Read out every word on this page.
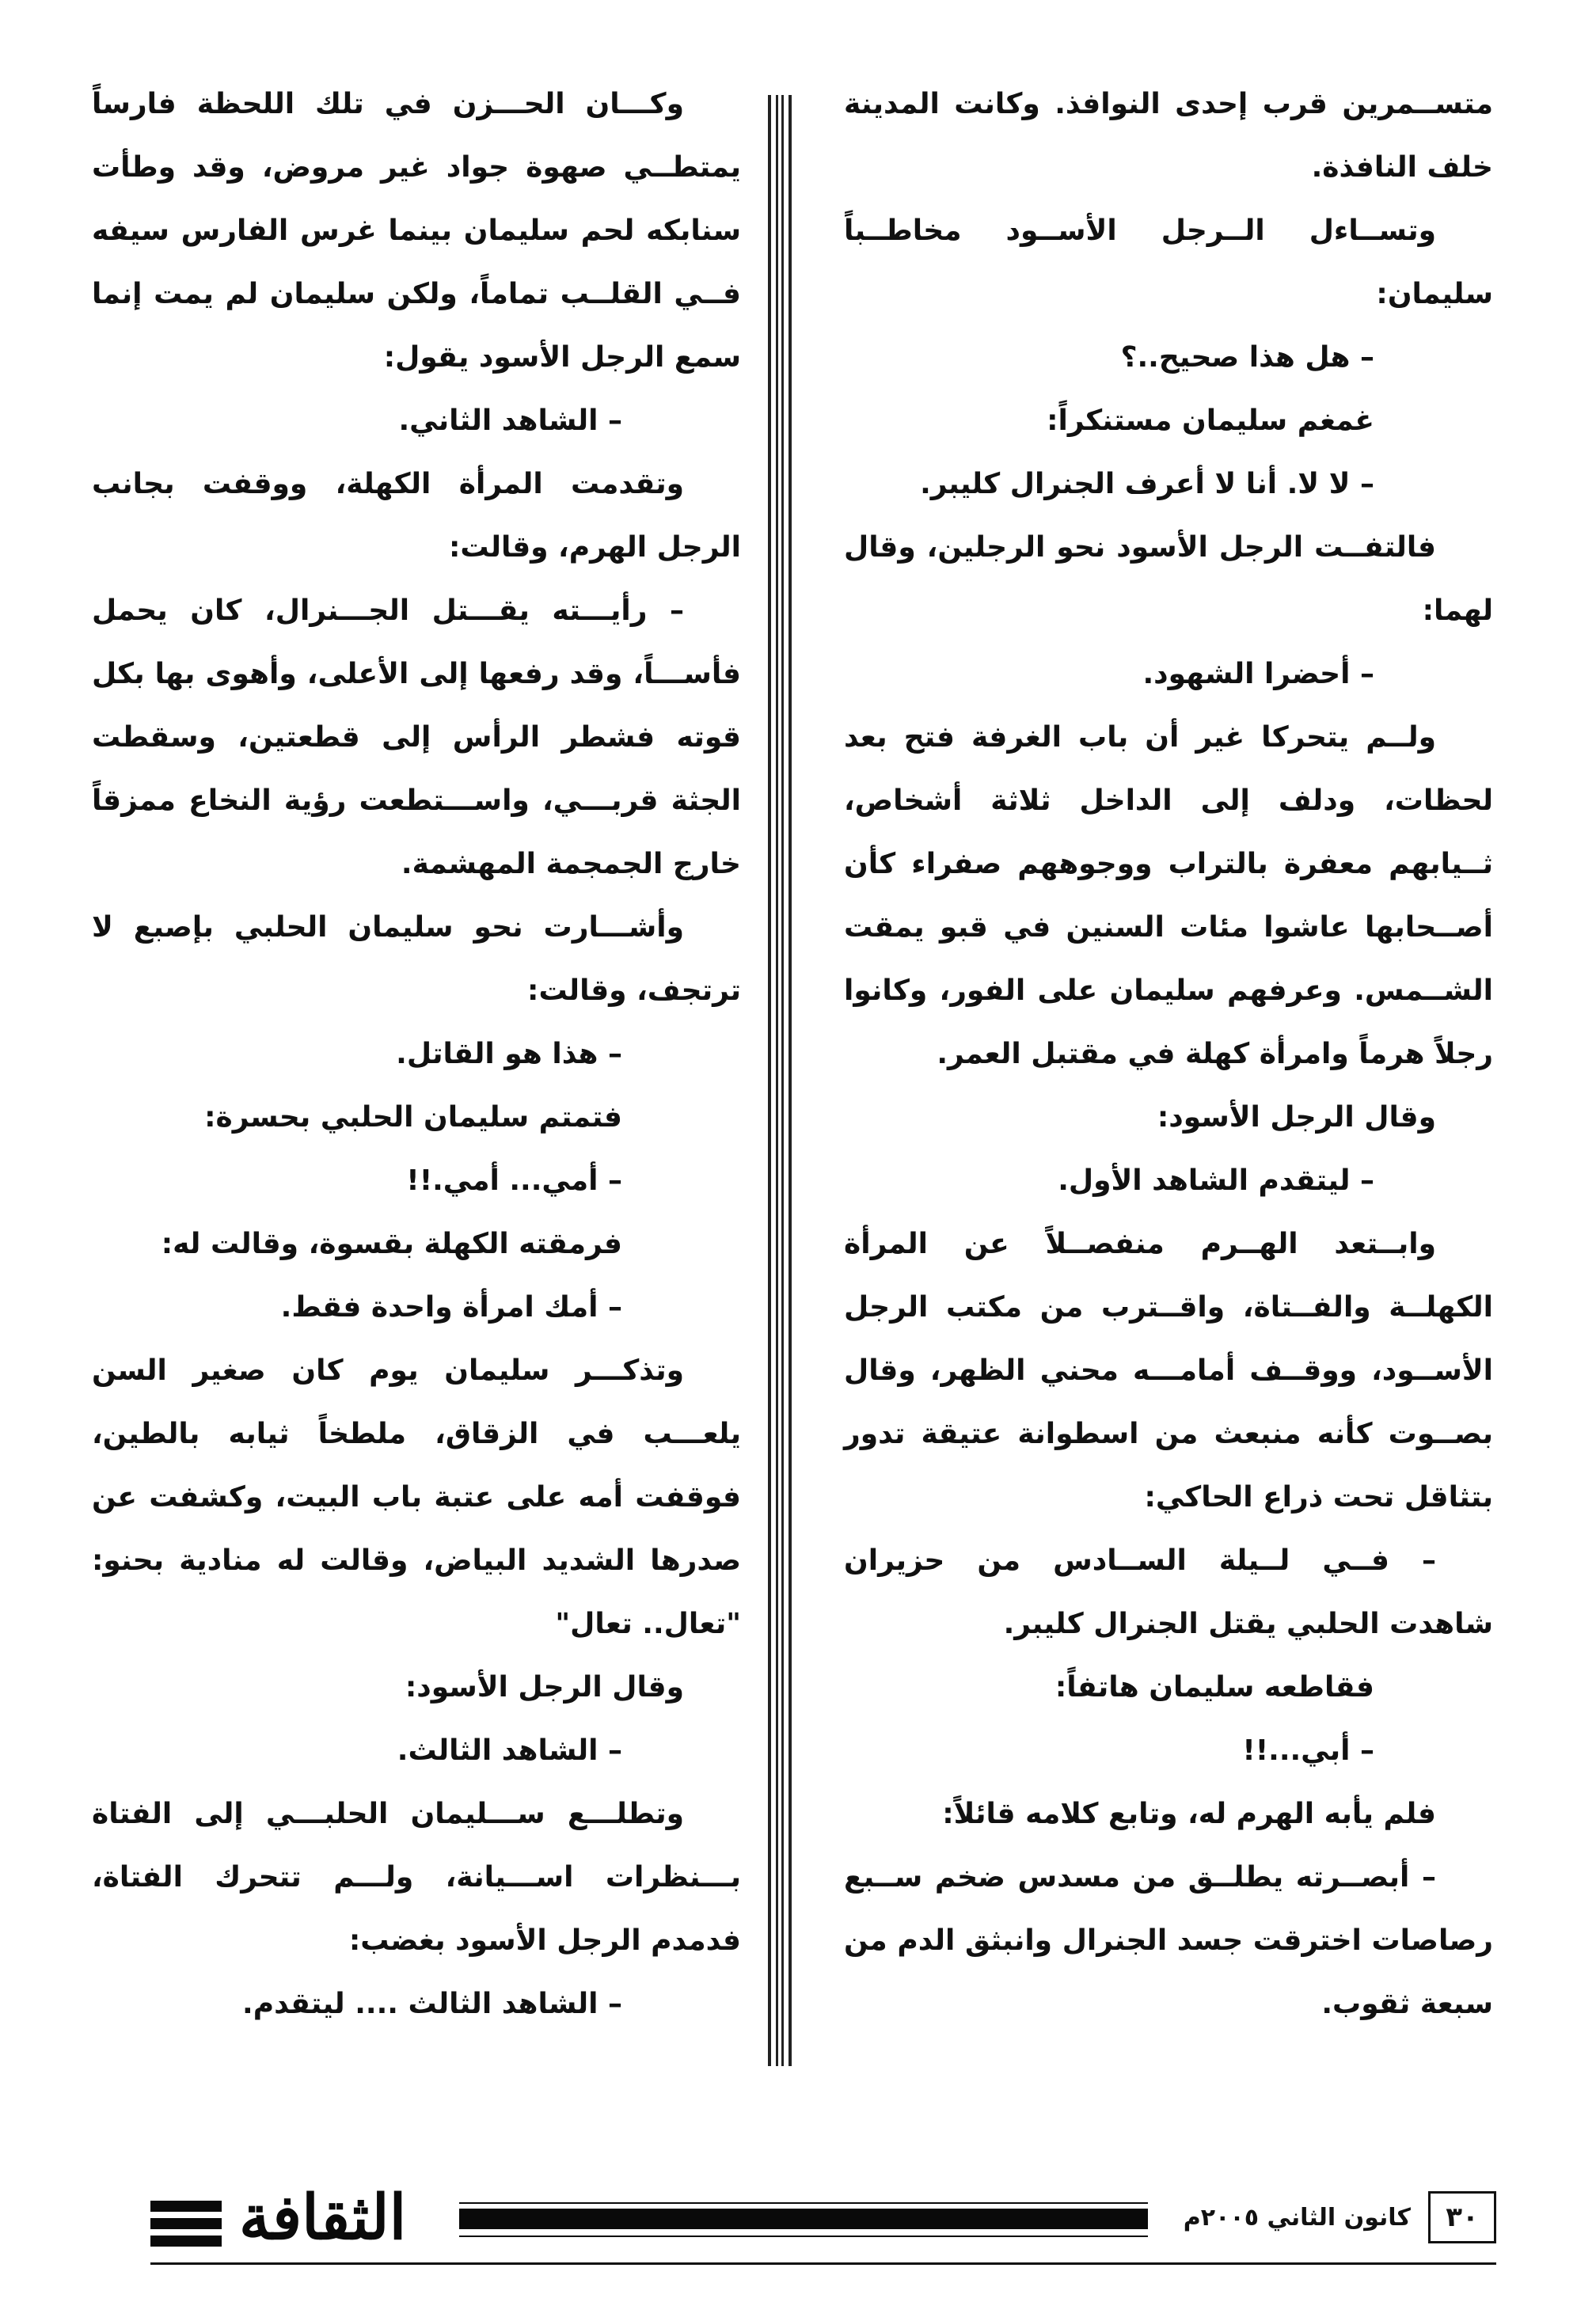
متســمرين قرب إحدى النوافذ. وكانت المدينة خلف النافذة.

وتســاءل الــرجل الأســود مخاطــباً سليمان:

– هل هذا صحيح..؟

غمغم سليمان مستنكراً:

– لا لا. أنا لا أعرف الجنرال كليبر.

فالتفــت الرجل الأسود نحو الرجلين، وقال لهما:

– أحضرا الشهود.

ولــم يتحركا غير أن باب الغرفة فتح بعد لحظات، ودلف إلى الداخل ثلاثة أشخاص، ثــيابهم معفرة بالتراب ووجوههم صفراء كأن أصــحابها عاشوا مئات السنين في قبو يمقت الشــمس. وعرفهم سليمان على الفور، وكانوا رجلاً هرماً وامرأة كهلة في مقتبل العمر.

وقال الرجل الأسود:

– ليتقدم الشاهد الأول.

وابــتعد الهــرم منفصــلاً عن المرأة الكهلــة والفــتاة، واقــترب من مكتب الرجل الأســود، ووقــف أمامـــه محني الظهر، وقال بصــوت كأنه منبعث من اسطوانة عتيقة تدور بتثاقل تحت ذراع الحاكي:

– فــي لــيلة الســادس من حزيران شاهدت الحلبي يقتل الجنرال كليبر.

فقاطعه سليمان هاتفاً:

– أبي...!!

فلم يأبه الهرم له، وتابع كلامه قائلاً:

– أبصــرته يطلــق من مسدس ضخم ســبع رصاصات اخترقت جسد الجنرال وانبثق الدم من سبعة ثقوب.

وكـــان الحـــزن في تلك اللحظة فارساً يمتطــي صهوة جواد غير مروض، وقد وطأت سنابكه لحم سليمان بينما غرس الفارس سيفه فــي القلــب تماماً، ولكن سليمان لم يمت إنما سمع الرجل الأسود يقول:

– الشاهد الثاني.

وتقدمت المرأة الكهلة، ووقفت بجانب الرجل الهرم، وقالت:

– رأيـــته يقـــتل الجـــنرال، كان يحمل فأســـاً، وقد رفعها إلى الأعلى، وأهوى بها بكل قوته فشطر الرأس إلى قطعتين، وسقطت الجثة قربـــي، واســـتطعت رؤية النخاع ممزقاً خارج الجمجمة المهشمة.

وأشـــارت نحو سليمان الحلبي بإصبع لا ترتجف، وقالت:

– هذا هو القاتل.

فتمتم سليمان الحلبي بحسرة:

– أمي... أمي.!!

فرمقته الكهلة بقسوة، وقالت له:

– أمك امرأة واحدة فقط.

وتذكـــر سليمان يوم كان صغير السن يلعـــب في الزقاق، ملطخاً ثيابه بالطين، فوقفت أمه على عتبة باب البيت، وكشفت عن صدرها الشديد البياض، وقالت له منادية بحنو: "تعال.. تعال"

وقال الرجل الأسود:

– الشاهد الثالث.

وتطلـــع ســـليمان الحلبـــي إلى الفتاة بـــنظرات اســـيانة، ولـــم تتحرك الفتاة، فدمدم الرجل الأسود بغضب:

– الشاهد الثالث .... ليتقدم.

٣٠
كانون الثاني ٢٠٠٥م
الثقافة
